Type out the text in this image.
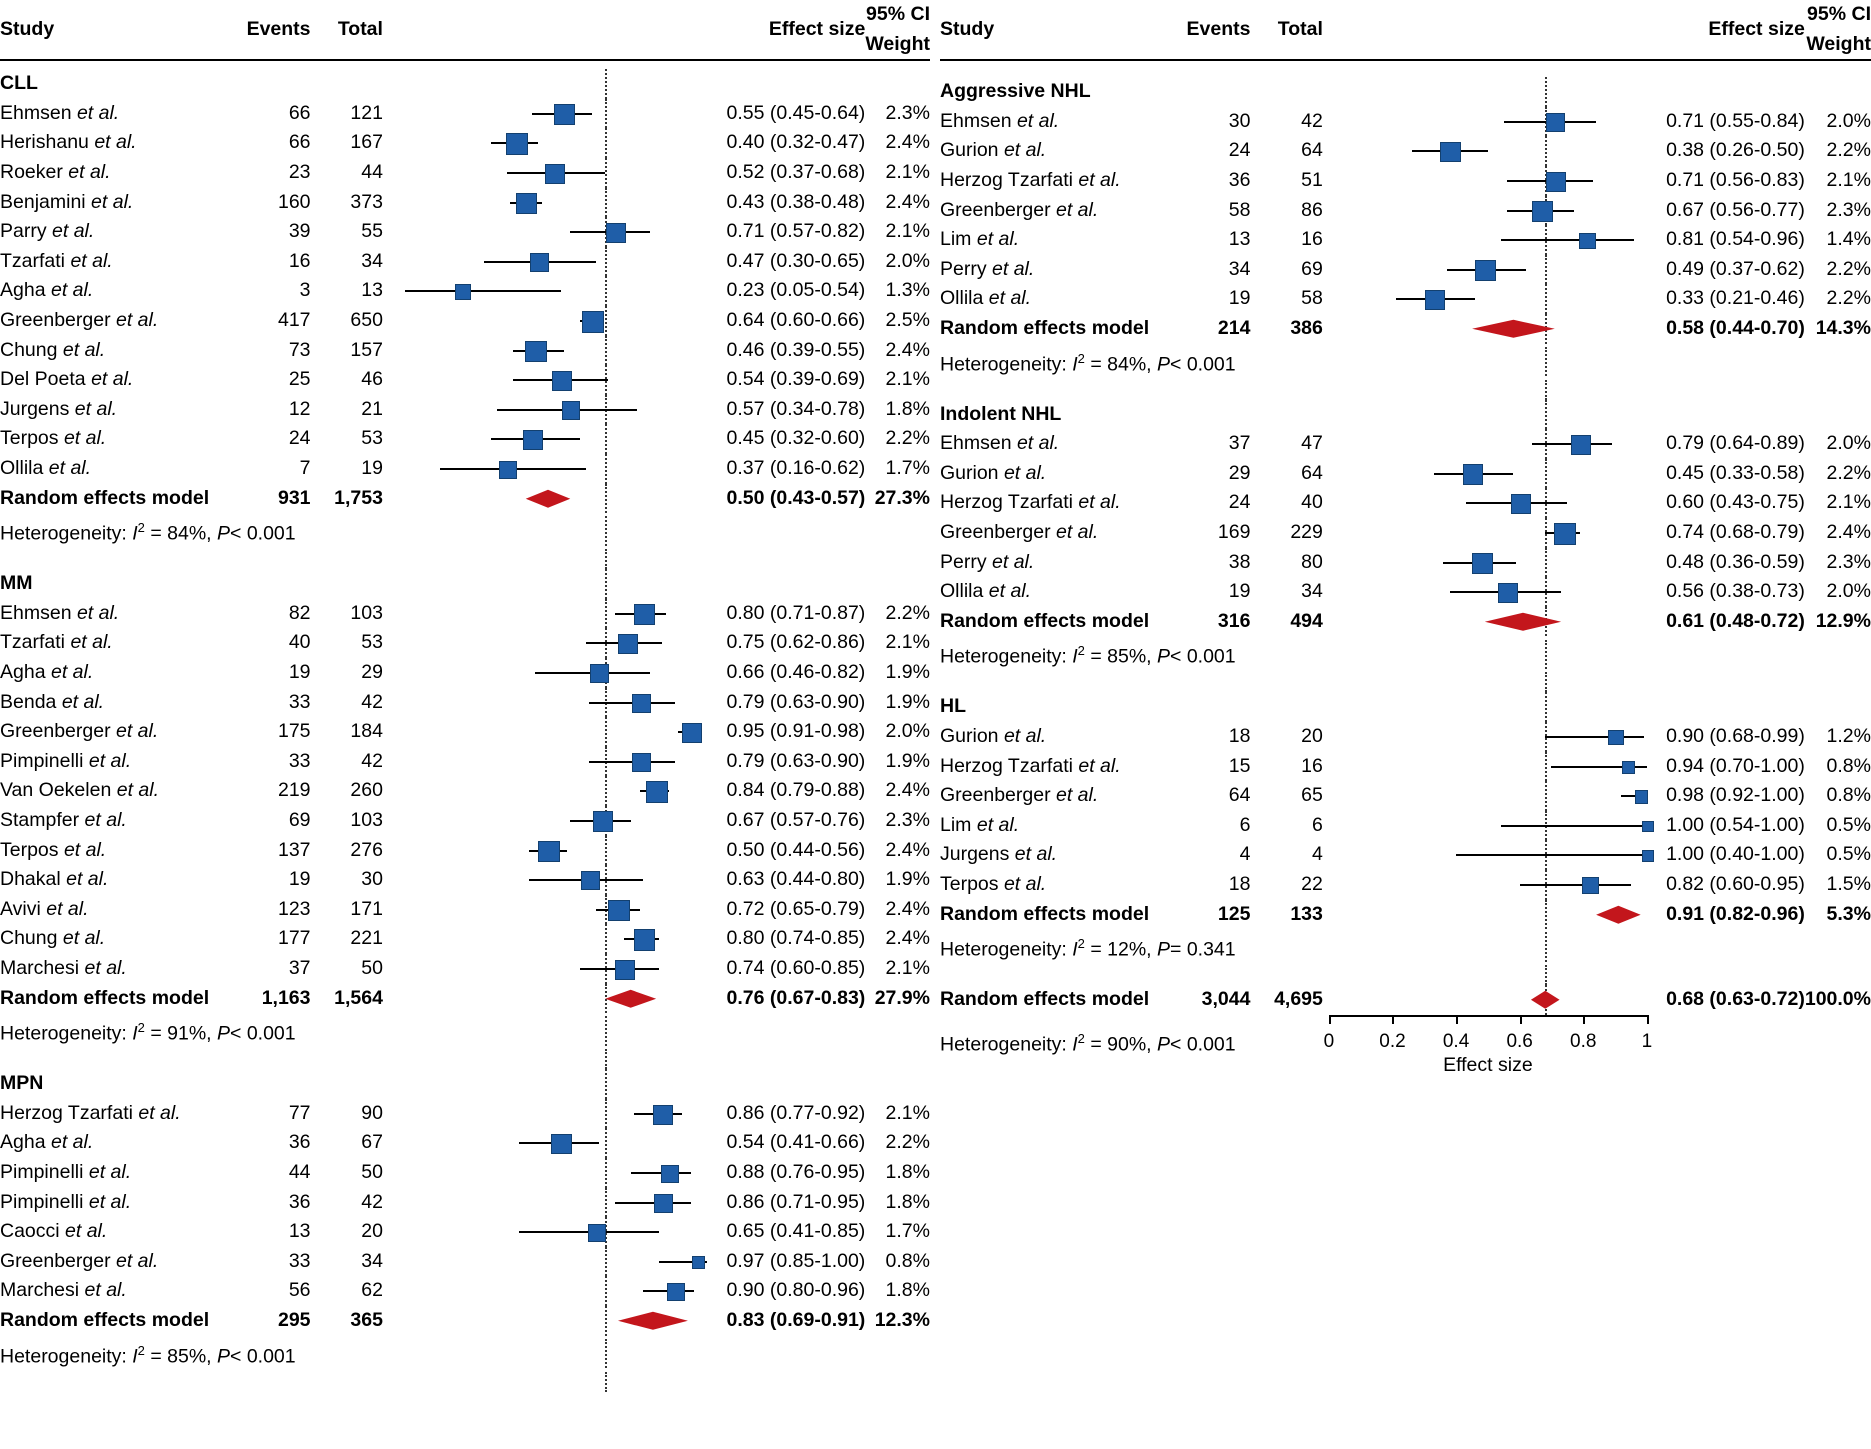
Study	Events	Total		Effect size	95% CI
Weight

CLL			

Ehmsen et al.	66	121		0.55 (0.45-0.64)	2.3%
Herishanu et al.	66	167		0.40 (0.32-0.47)	2.4%
Roeker et al.	23	44		0.52 (0.37-0.68)	2.1%
Benjamini et al.	160	373		0.43 (0.38-0.48)	2.4%
Parry et al.	39	55		0.71 (0.57-0.82)	2.1%
Tzarfati et al.	16	34		0.47 (0.30-0.65)	2.0%
Agha et al.	3	13		0.23 (0.05-0.54)	1.3%
Greenberger et al.	417	650		0.64 (0.60-0.66)	2.5%
Chung et al.	73	157		0.46 (0.39-0.55)	2.4%
Del Poeta et al.	25	46		0.54 (0.39-0.69)	2.1%
Jurgens et al.	12	21		0.57 (0.34-0.78)	1.8%
Terpos et al.	24	53		0.45 (0.32-0.60)	2.2%
Ollila et al.	7	19		0.37 (0.16-0.62)	1.7%
Random effects model	931	1,753		0.50 (0.43-0.57)	27.3%
Heterogeneity: $I^2 = 84\%$, P< 0.001			

MM			

Ehmsen et al.	82	103		0.80 (0.71-0.87)	2.2%
Tzarfati et al.	40	53		0.75 (0.62-0.86)	2.1%
Agha et al.	19	29		0.66 (0.46-0.82)	1.9%
Benda et al.	33	42		0.79 (0.63-0.90)	1.9%
Greenberger et al.	175	184		0.95 (0.91-0.98)	2.0%
Pimpinelli et al.	33	42		0.79 (0.63-0.90)	1.9%
Van Oekelen et al.	219	260		0.84 (0.79-0.88)	2.4%
Stampfer et al.	69	103		0.67 (0.57-0.76)	2.3%
Terpos et al.	137	276		0.50 (0.44-0.56)	2.4%
Dhakal et al.	19	30		0.63 (0.44-0.80)	1.9%
Avivi et al.	123	171		0.72 (0.65-0.79)	2.4%
Chung et al.	177	221		0.80 (0.74-0.85)	2.4%
Marchesi et al.	37	50		0.74 (0.60-0.85)	2.1%
Random effects model	1,163	1,564		0.76 (0.67-0.83)	27.9%
Heterogeneity: $I^2 = 91\%$, P< 0.001			

MPN			

Herzog Tzarfati et al.	77	90		0.86 (0.77-0.92)	2.1%
Agha et al.	36	67		0.54 (0.41-0.66)	2.2%
Pimpinelli et al.	44	50		0.88 (0.76-0.95)	1.8%
Pimpinelli et al.	36	42		0.86 (0.71-0.95)	1.8%
Caocci et al.	13	20		0.65 (0.41-0.85)	1.7%
Greenberger et al.	33	34		0.97 (0.85-1.00)	0.8%
Marchesi et al.	56	62		0.90 (0.80-0.96)	1.8%
Random effects model	295	365		0.83 (0.69-0.91)	12.3%
Heterogeneity: $I^2 = 85\%$, P< 0.001			

Study	Events	Total		Effect size	95% CI
Weight

Aggressive NHL			

Ehmsen et al.	30	42		0.71 (0.55-0.84)	2.0%
Gurion et al.	24	64		0.38 (0.26-0.50)	2.2%
Herzog Tzarfati et al.	36	51		0.71 (0.56-0.83)	2.1%
Greenberger et al.	58	86		0.67 (0.56-0.77)	2.3%
Lim et al.	13	16		0.81 (0.54-0.96)	1.4%
Perry et al.	34	69		0.49 (0.37-0.62)	2.2%
Ollila et al.	19	58		0.33 (0.21-0.46)	2.2%
Random effects model	214	386		0.58 (0.44-0.70)	14.3%
Heterogeneity: $I^2 = 84\%$, P< 0.001			

Indolent NHL			

Ehmsen et al.	37	47		0.79 (0.64-0.89)	2.0%
Gurion et al.	29	64		0.45 (0.33-0.58)	2.2%
Herzog Tzarfati et al.	24	40		0.60 (0.43-0.75)	2.1%
Greenberger et al.	169	229		0.74 (0.68-0.79)	2.4%
Perry et al.	38	80		0.48 (0.36-0.59)	2.3%
Ollila et al.	19	34		0.56 (0.38-0.73)	2.0%
Random effects model	316	494		0.61 (0.48-0.72)	12.9%
Heterogeneity: $I^2 = 85\%$, P< 0.001			

HL			

Gurion et al.	18	20		0.90 (0.68-0.99)	1.2%
Herzog Tzarfati et al.	15	16		0.94 (0.70-1.00)	0.8%
Greenberger et al.	64	65		0.98 (0.92-1.00)	0.8%
Lim et al.	6	6		1.00 (0.54-1.00)	0.5%
Jurgens et al.	4	4		1.00 (0.40-1.00)	0.5%
Terpos et al.	18	22		0.82 (0.60-0.95)	1.5%
Random effects model	125	133		0.91 (0.82-0.96)	5.3%
Heterogeneity: $I^2 = 12\%$, P= 0.341			

Random effects model	3,044	4,695		0.68 (0.63-0.72)	100.0%
Heterogeneity: $I^2 = 90\%$, P< 0.001	0 0.2 0.4 0.6 0.8 1
Effect size
